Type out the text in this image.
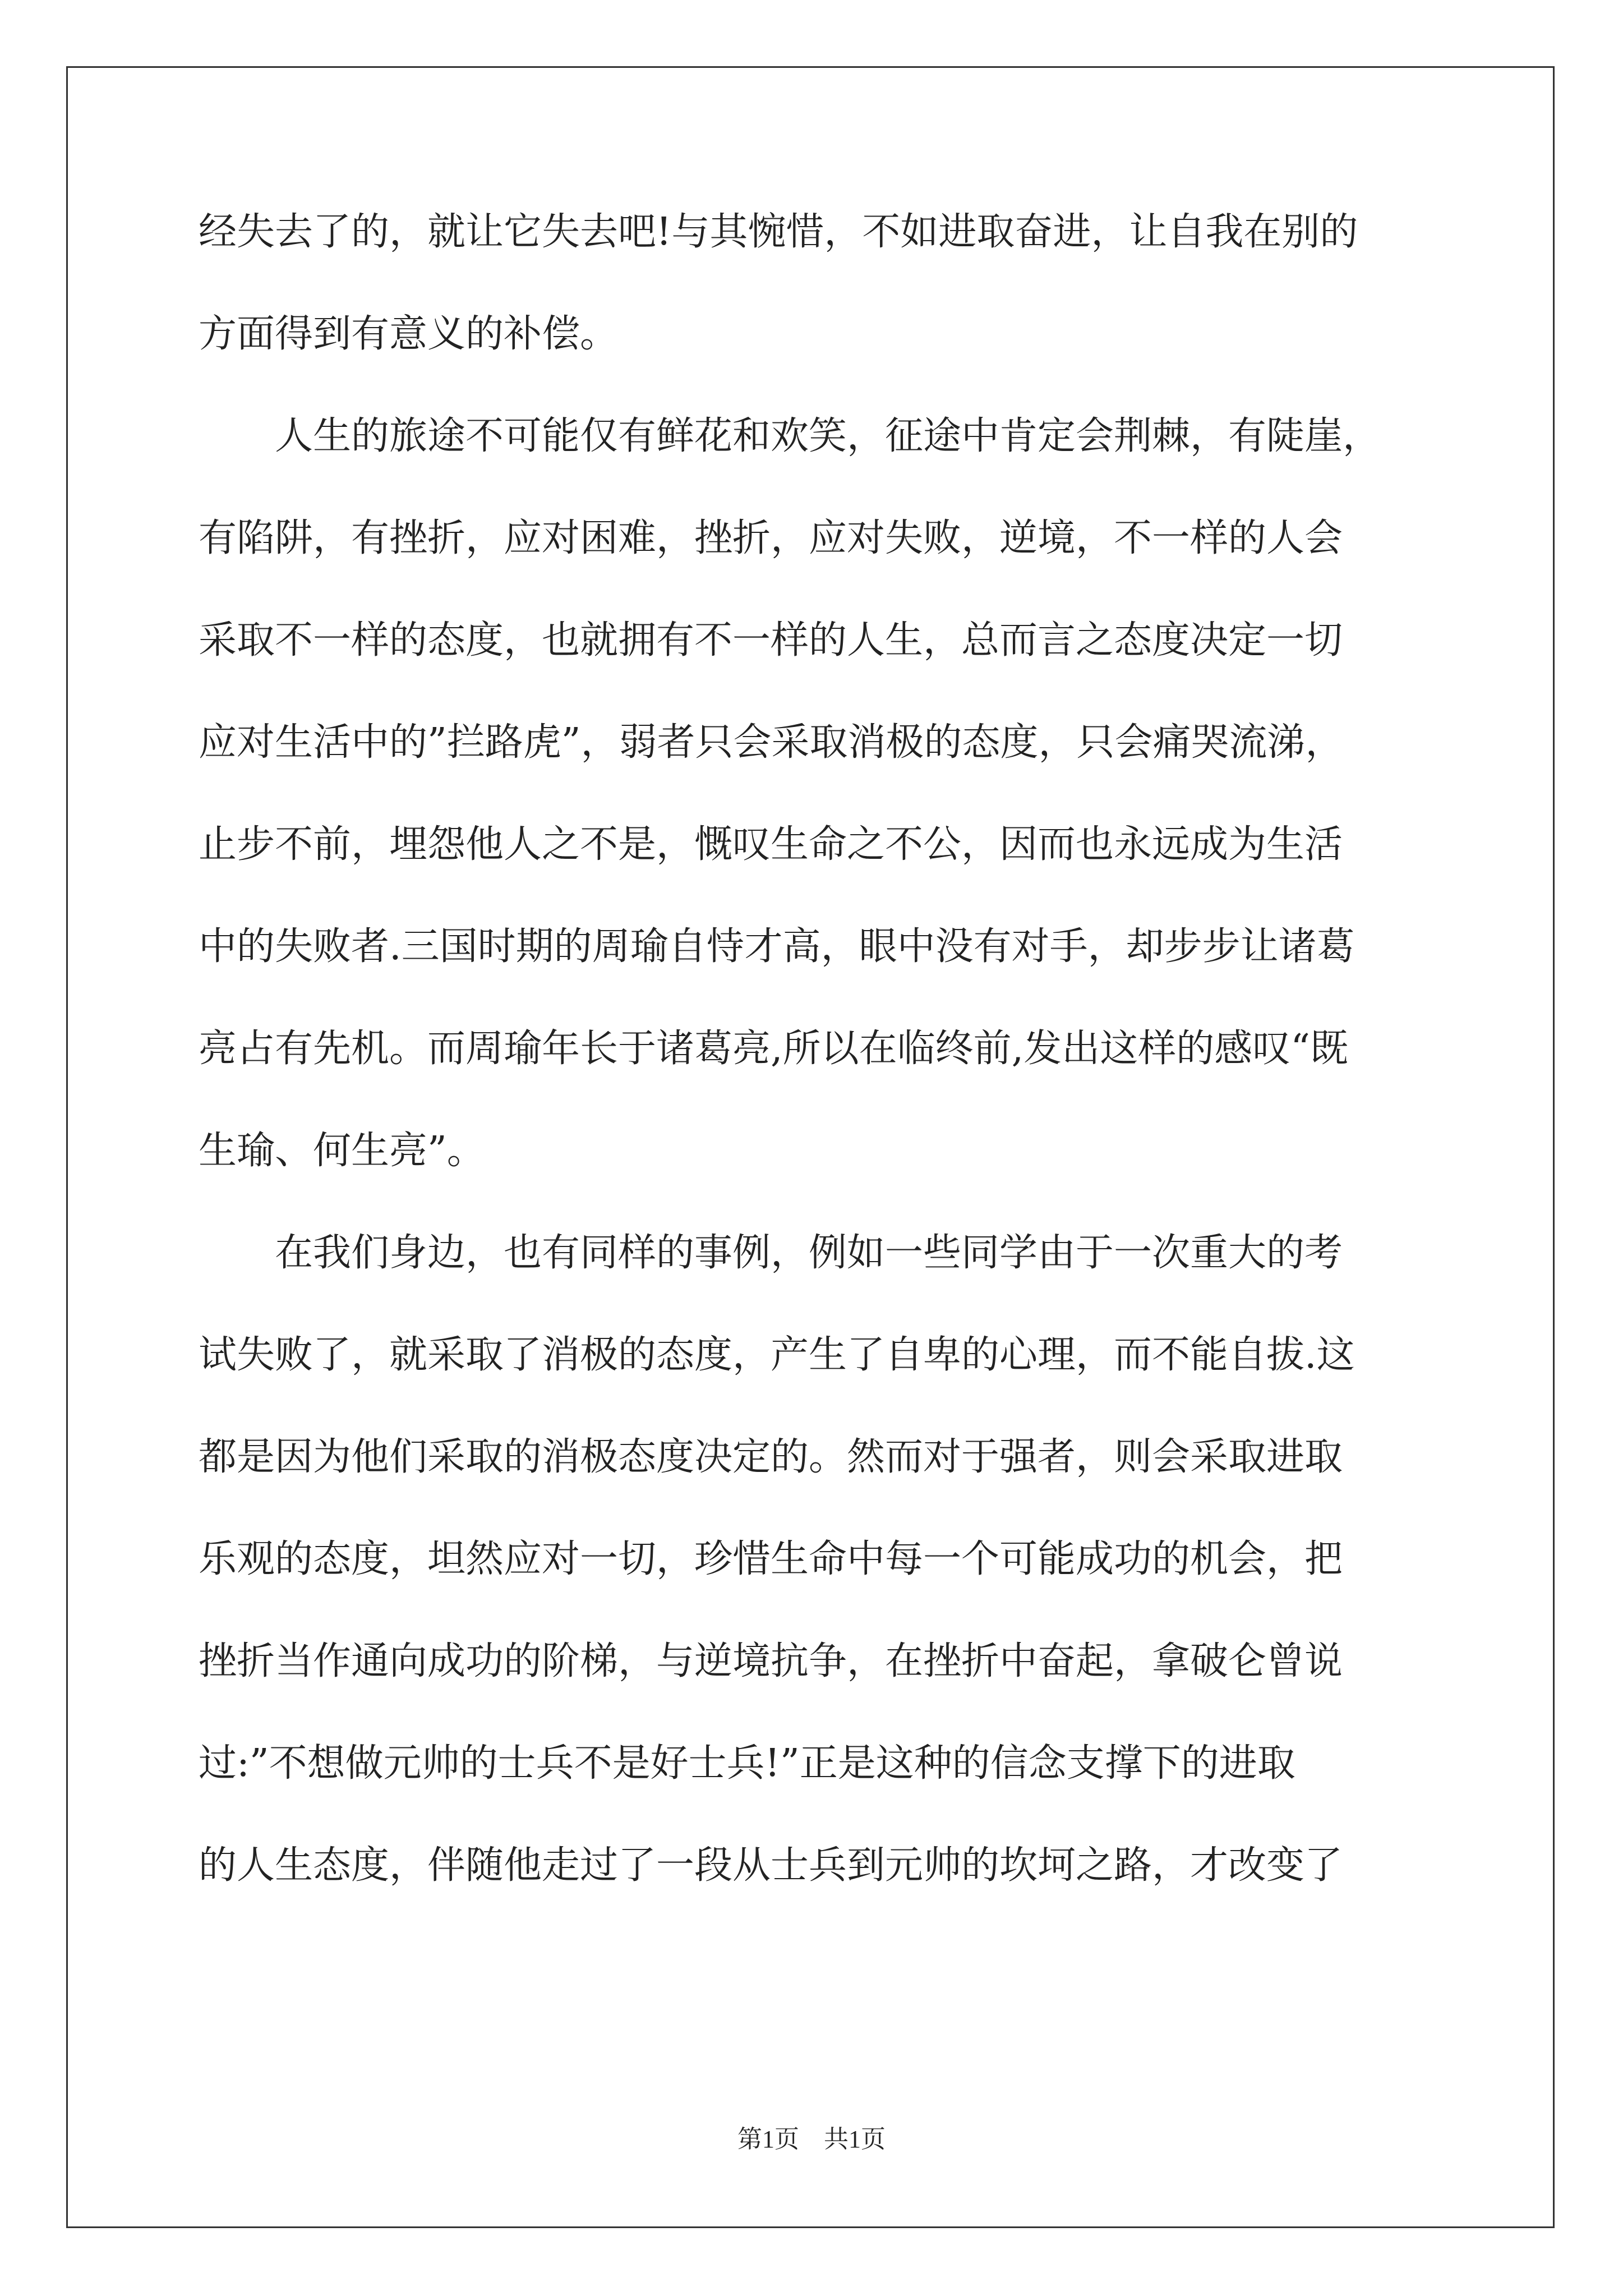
经失去了的，就让它失去吧!与其惋惜，不如进取奋进，让自我在别的
方面得到有意义的补偿。
　　人生的旅途不可能仅有鲜花和欢笑，征途中肯定会荆棘，有陡崖，
有陷阱，有挫折，应对困难，挫折，应对失败，逆境，不一样的人会
采取不一样的态度，也就拥有不一样的人生，总而言之态度决定一切
应对生活中的”拦路虎”，弱者只会采取消极的态度，只会痛哭流涕，
止步不前，埋怨他人之不是，慨叹生命之不公，因而也永远成为生活
中的失败者.三国时期的周瑜自恃才高，眼中没有对手，却步步让诸葛
亮占有先机。而周瑜年长于诸葛亮,所以在临终前,发出这样的感叹“既
生瑜、何生亮”。
　　在我们身边，也有同样的事例，例如一些同学由于一次重大的考
试失败了，就采取了消极的态度，产生了自卑的心理，而不能自拔.这
都是因为他们采取的消极态度决定的。然而对于强者，则会采取进取
乐观的态度，坦然应对一切，珍惜生命中每一个可能成功的机会，把
挫折当作通向成功的阶梯，与逆境抗争，在挫折中奋起，拿破仑曾说
过:”不想做元帅的士兵不是好士兵!”正是这种的信念支撑下的进取
的人生态度，伴随他走过了一段从士兵到元帅的坎坷之路，才改变了
第1页　共1页
